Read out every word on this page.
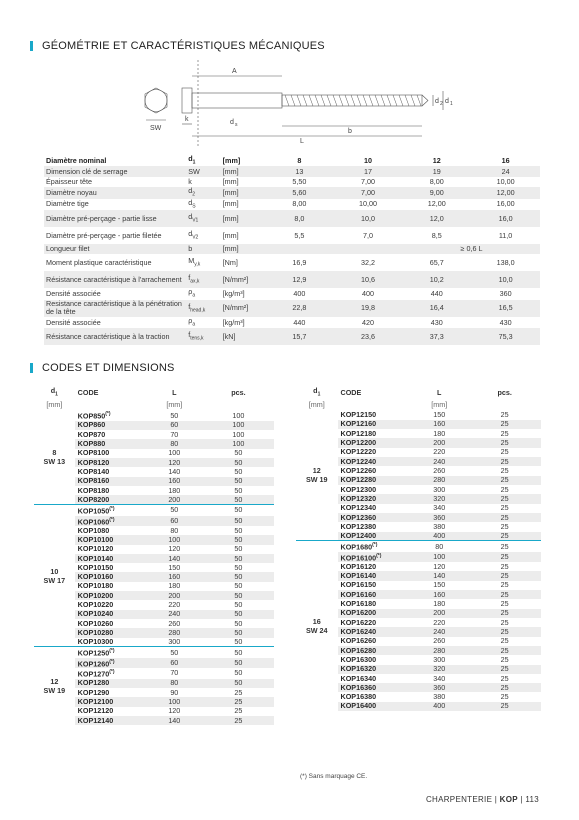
GÉOMÉTRIE ET CARACTÉRISTIQUES MÉCANIQUES
A
SW
k	d s
b
L
d 2 d 1
Diamètre nominal	$d_1$	[mm]	8	10	12	16
Dimension clé de serrage	SW	[mm]	13	17	19	24
Épaisseur tête	k	[mm]	5,50	7,00	8,00	10,00
Diamètre noyau	$d_2$	[mm]	5,60	7,00	9,00	12,00
Diamètre tige	$d_S$	[mm]	8,00	10,00	12,00	16,00
Diamètre pré-perçage - partie lisse	$d_{V1}$	[mm]	8,0	10,0	12,0	16,0
Diamètre pré-perçage - partie filetée	$d_{V2}$	[mm]	5,5	7,0	8,5	11,0
Longueur filet	b	[mm]	≥ 0,6 L			
Moment plastique caractéristique	$M_{y,k}$	[Nm]	16,9	32,2	65,7	138,0
Résistance caractéristique à l'arrachement	$f_{ax,k}$	[N/mm²]	12,9	10,6	10,2	10,0
Densité associée	$\rho_a$	[kg/m³]	400	400	440	360
Resistance caractéristique à la pénétration de la tête	$f_{head,k}$	[N/mm²]	22,8	19,8	16,4	16,5
Densité associée	$\rho_a$	[kg/m³]	440	420	430	430
Résistance caractéristique à la traction	$f_{tens,k}$	[kN]	15,7	23,6	37,3	75,3
CODES ET DIMENSIONS
$d_1$	CODE	L	pcs.
[mm]		[mm]	

8
SW 13	KOP850(*)	50	100
	KOP860	60	100
	KOP870	70	100
	KOP880	80	100
	KOP8100	100	50
	KOP8120	120	50
	KOP8140	140	50
	KOP8160	160	50
	KOP8180	180	50
	KOP8200	200	50

10
SW 17	KOP1050(*)	50	50
	KOP1060(*)	60	50
	KOP1080	80	50
	KOP10100	100	50
	KOP10120	120	50
	KOP10140	140	50
	KOP10150	150	50
	KOP10160	160	50
	KOP10180	180	50
	KOP10200	200	50
	KOP10220	220	50
	KOP10240	240	50
	KOP10260	260	50
	KOP10280	280	50
	KOP10300	300	50

12
SW 19	KOP1250(*)	50	50
	KOP1260(*)	60	50
	KOP1270(*)	70	50
	KOP1280	80	50
	KOP1290	90	25
	KOP12100	100	25
	KOP12120	120	25
	KOP12140	140	25
$d_1$	CODE	L	pcs.
[mm]		[mm]	

12
SW 19	KOP12150	150	25
	KOP12160	160	25
	KOP12180	180	25
	KOP12200	200	25
	KOP12220	220	25
	KOP12240	240	25
	KOP12260	260	25
	KOP12280	280	25
	KOP12300	300	25
	KOP12320	320	25
	KOP12340	340	25
	KOP12360	360	25
	KOP12380	380	25
	KOP12400	400	25

16
SW 24	KOP1680(*)	80	25
	KOP16100(*)	100	25
	KOP16120	120	25
	KOP16140	140	25
	KOP16150	150	25
	KOP16160	160	25
	KOP16180	180	25
	KOP16200	200	25
	KOP16220	220	25
	KOP16240	240	25
	KOP16260	260	25
	KOP16280	280	25
	KOP16300	300	25
	KOP16320	320	25
	KOP16340	340	25
	KOP16360	360	25
	KOP16380	380	25
	KOP16400	400	25
(*) Sans marquage CE.
CHARPENTERIE | KOP | 113
